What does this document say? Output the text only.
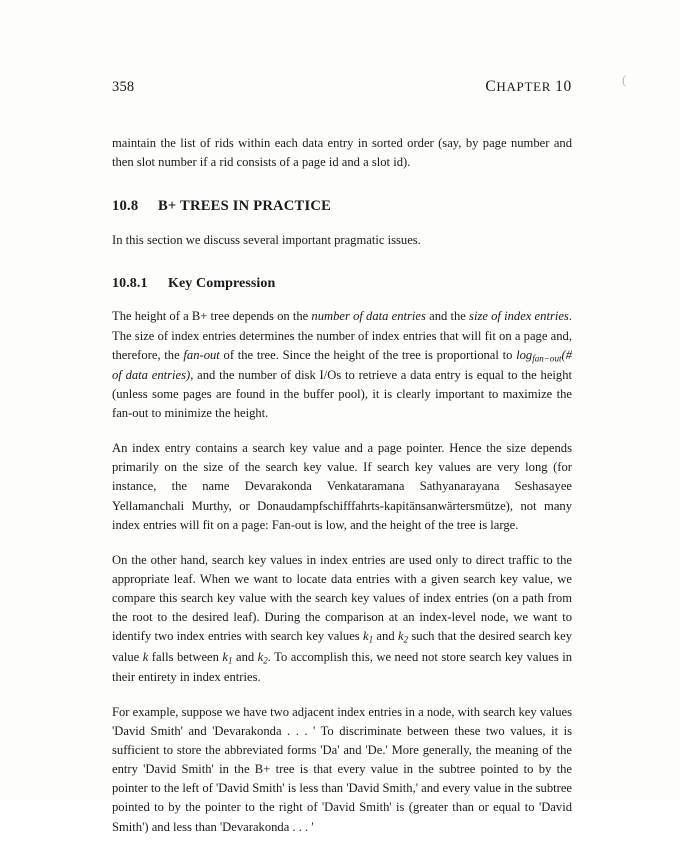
(
358	CHAPTER 10

maintain the list of rids within each data entry in sorted order (say, by page number and then slot number if a rid consists of a page id and a slot id).

10.8 B+ TREES IN PRACTICE

In this section we discuss several important pragmatic issues.

10.8.1 Key Compression

The height of a B+ tree depends on the number of data entries and the size of index entries. The size of index entries determines the number of index entries that will fit on a page and, therefore, the fan-out of the tree. Since the height of the tree is proportional to $\log_{fan-out}(\#$ of data entries), and the number of disk I/Os to retrieve a data entry is equal to the height (unless some pages are found in the buffer pool), it is clearly important to maximize the fan-out to minimize the height.

An index entry contains a search key value and a page pointer. Hence the size depends primarily on the size of the search key value. If search key values are very long (for instance, the name Devarakonda Venkataramana Sathyanarayana Seshasayee Yellamanchali Murthy, or Donaudampfschifffahrts-kapitänsanwärtersmütze), not many index entries will fit on a page: Fan-out is low, and the height of the tree is large.

On the other hand, search key values in index entries are used only to direct traffic to the appropriate leaf. When we want to locate data entries with a given search key value, we compare this search key value with the search key values of index entries (on a path from the root to the desired leaf). During the comparison at an index-level node, we want to identify two index entries with search key values $k_1$ and $k_2$ such that the desired search key value k falls between $k_1$ and $k_2$. To accomplish this, we need not store search key values in their entirety in index entries.

For example, suppose we have two adjacent index entries in a node, with search key values 'David Smith' and 'Devarakonda . . . ' To discriminate between these two values, it is sufficient to store the abbreviated forms 'Da' and 'De.' More generally, the meaning of the entry 'David Smith' in the B+ tree is that every value in the subtree pointed to by the pointer to the left of 'David Smith' is less than 'David Smith,' and every value in the subtree pointed to by the pointer to the right of 'David Smith' is (greater than or equal to 'David Smith') and less than 'Devarakonda . . . '
